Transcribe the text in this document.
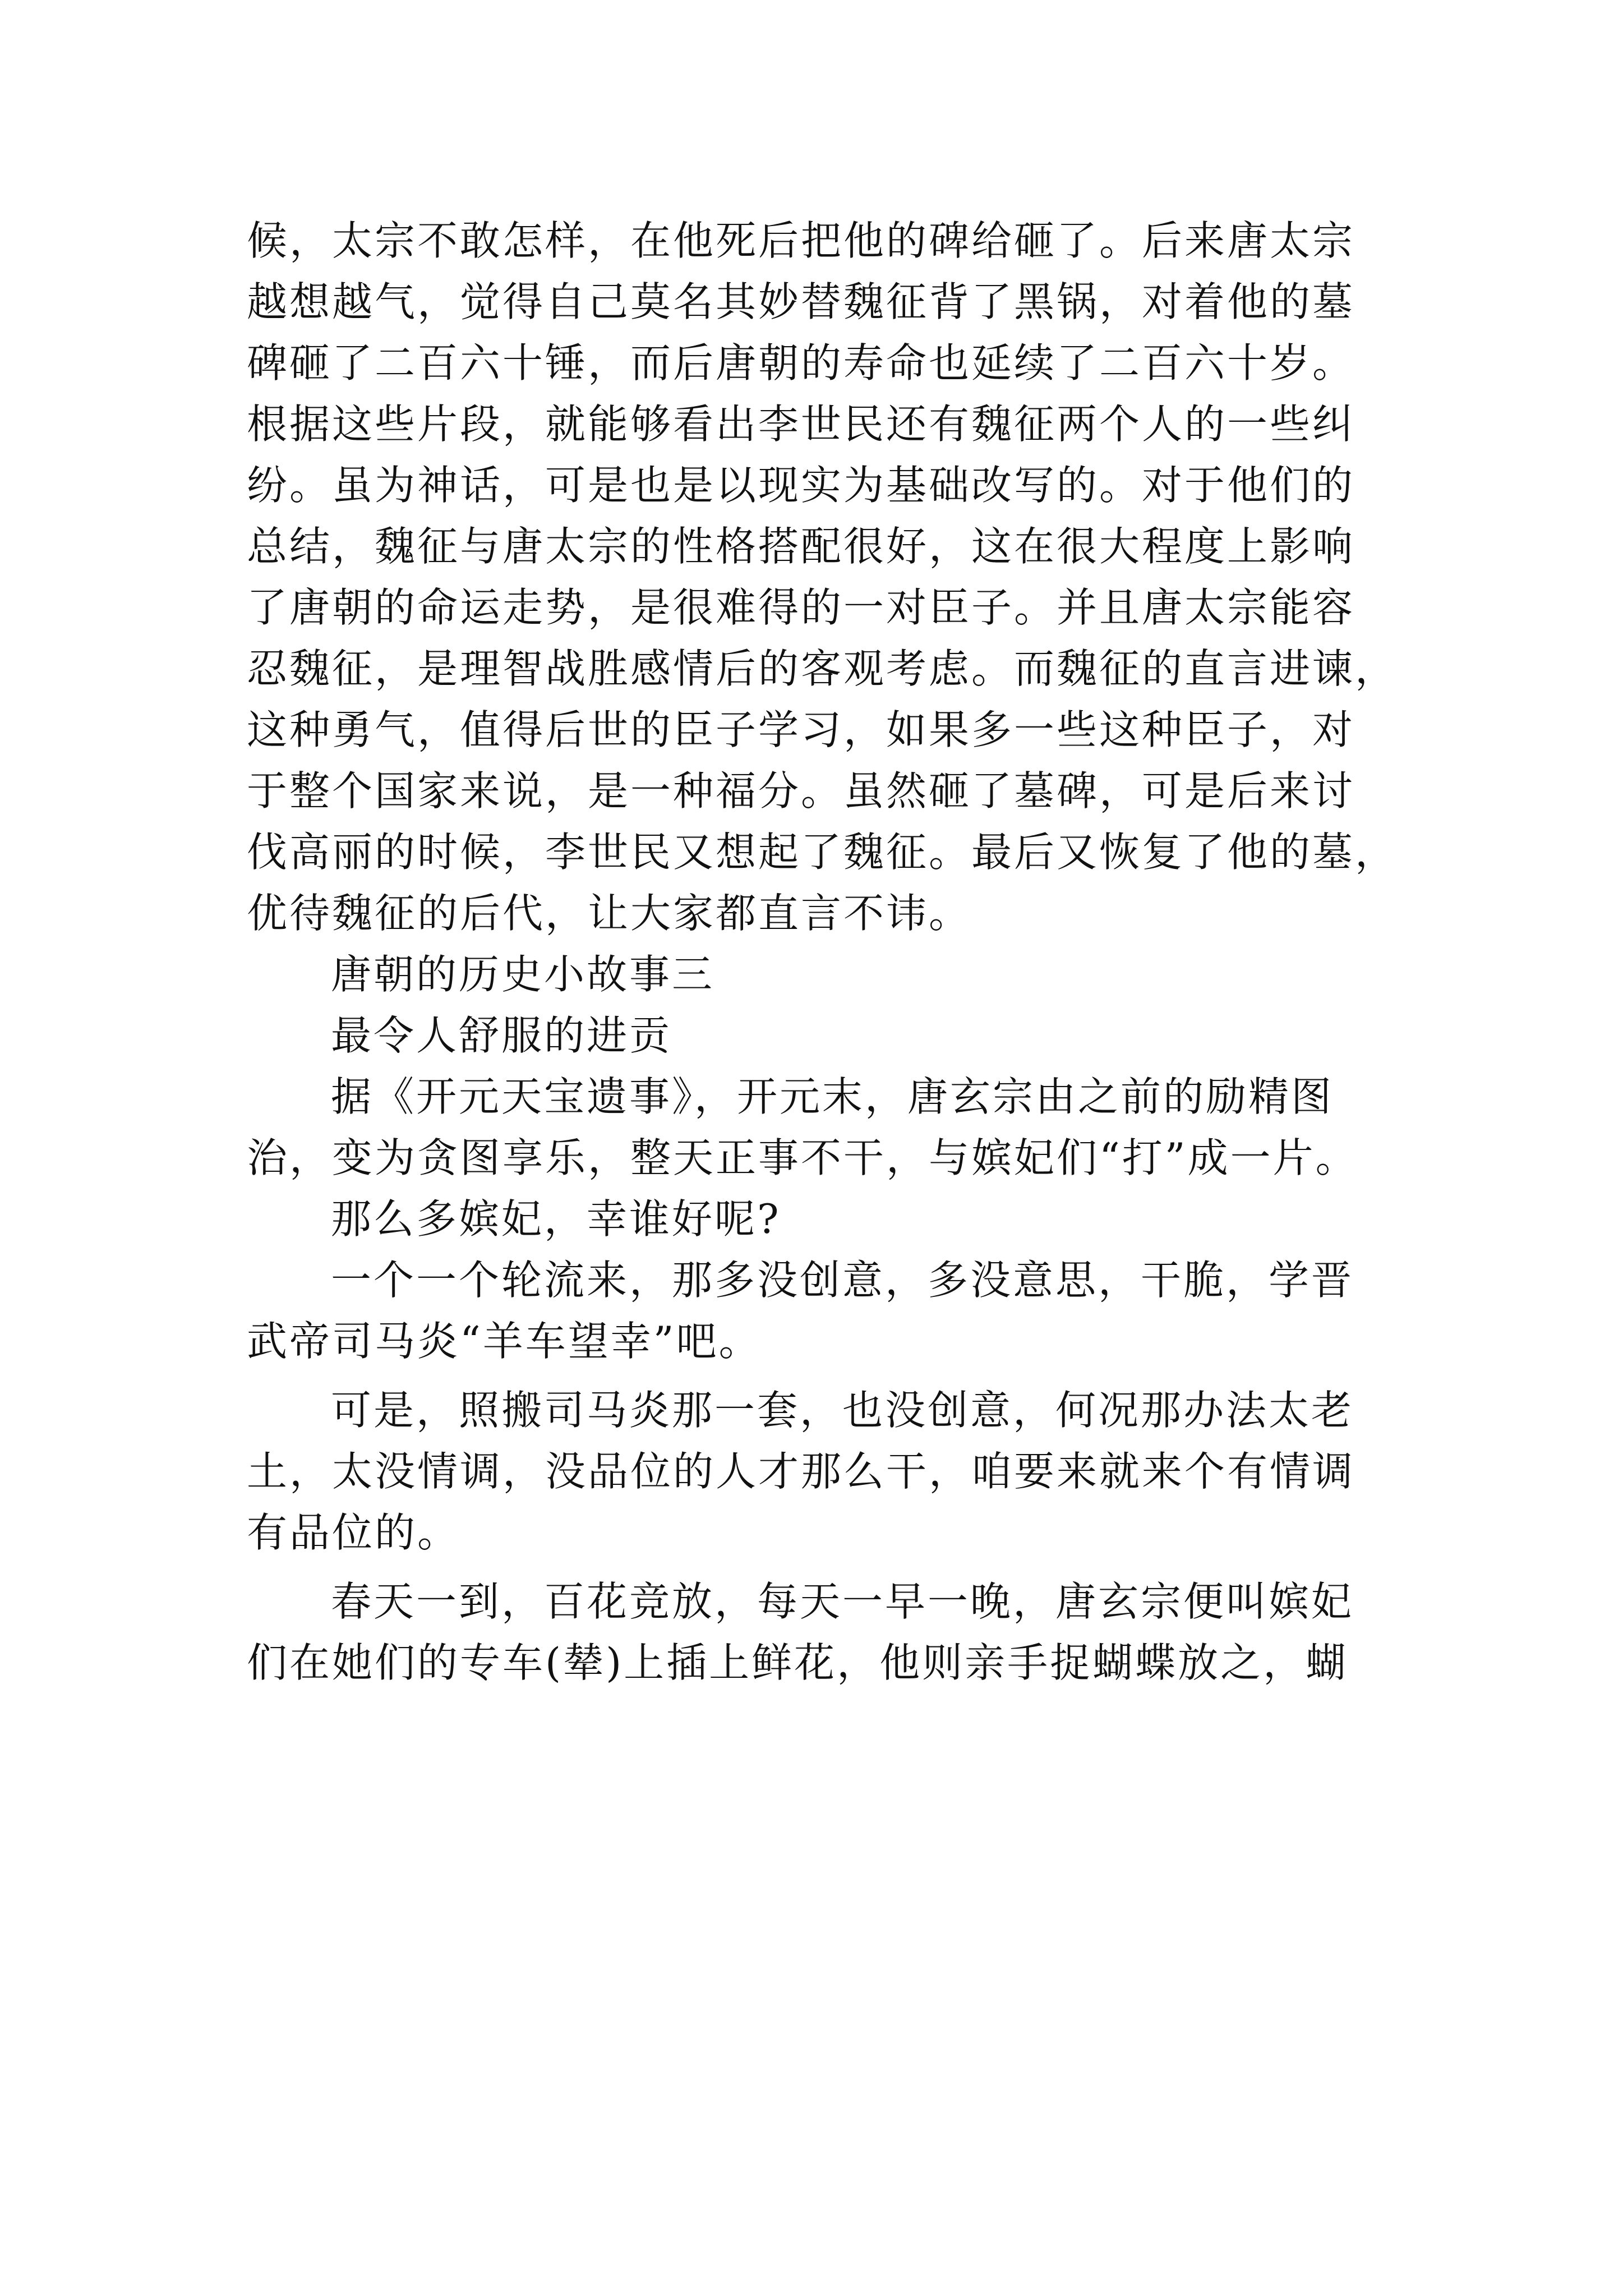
候，太宗不敢怎样，在他死后把他的碑给砸了。后来唐太宗
越想越气，觉得自己莫名其妙替魏征背了黑锅，对着他的墓
碑砸了二百六十锤，而后唐朝的寿命也延续了二百六十岁。
根据这些片段，就能够看出李世民还有魏征两个人的一些纠
纷。虽为神话，可是也是以现实为基础改写的。对于他们的
总结，魏征与唐太宗的性格搭配很好，这在很大程度上影响
了唐朝的命运走势，是很难得的一对臣子。并且唐太宗能容
忍魏征，是理智战胜感情后的客观考虑。而魏征的直言进谏，
这种勇气，值得后世的臣子学习，如果多一些这种臣子，对
于整个国家来说，是一种福分。虽然砸了墓碑，可是后来讨
伐高丽的时候，李世民又想起了魏征。最后又恢复了他的墓，
优待魏征的后代，让大家都直言不讳。
唐朝的历史小故事三
最令人舒服的进贡
据《开元天宝遗事》，开元末，唐玄宗由之前的励精图
治，变为贪图享乐，整天正事不干，与嫔妃们“打”成一片。
那么多嫔妃，幸谁好呢?
一个一个轮流来，那多没创意，多没意思，干脆，学晋
武帝司马炎“羊车望幸”吧。
可是，照搬司马炎那一套，也没创意，何况那办法太老
土，太没情调，没品位的人才那么干，咱要来就来个有情调
有品位的。
春天一到，百花竞放，每天一早一晚，唐玄宗便叫嫔妃
们在她们的专车(辇)上插上鲜花，他则亲手捉蝴蝶放之，蝴
